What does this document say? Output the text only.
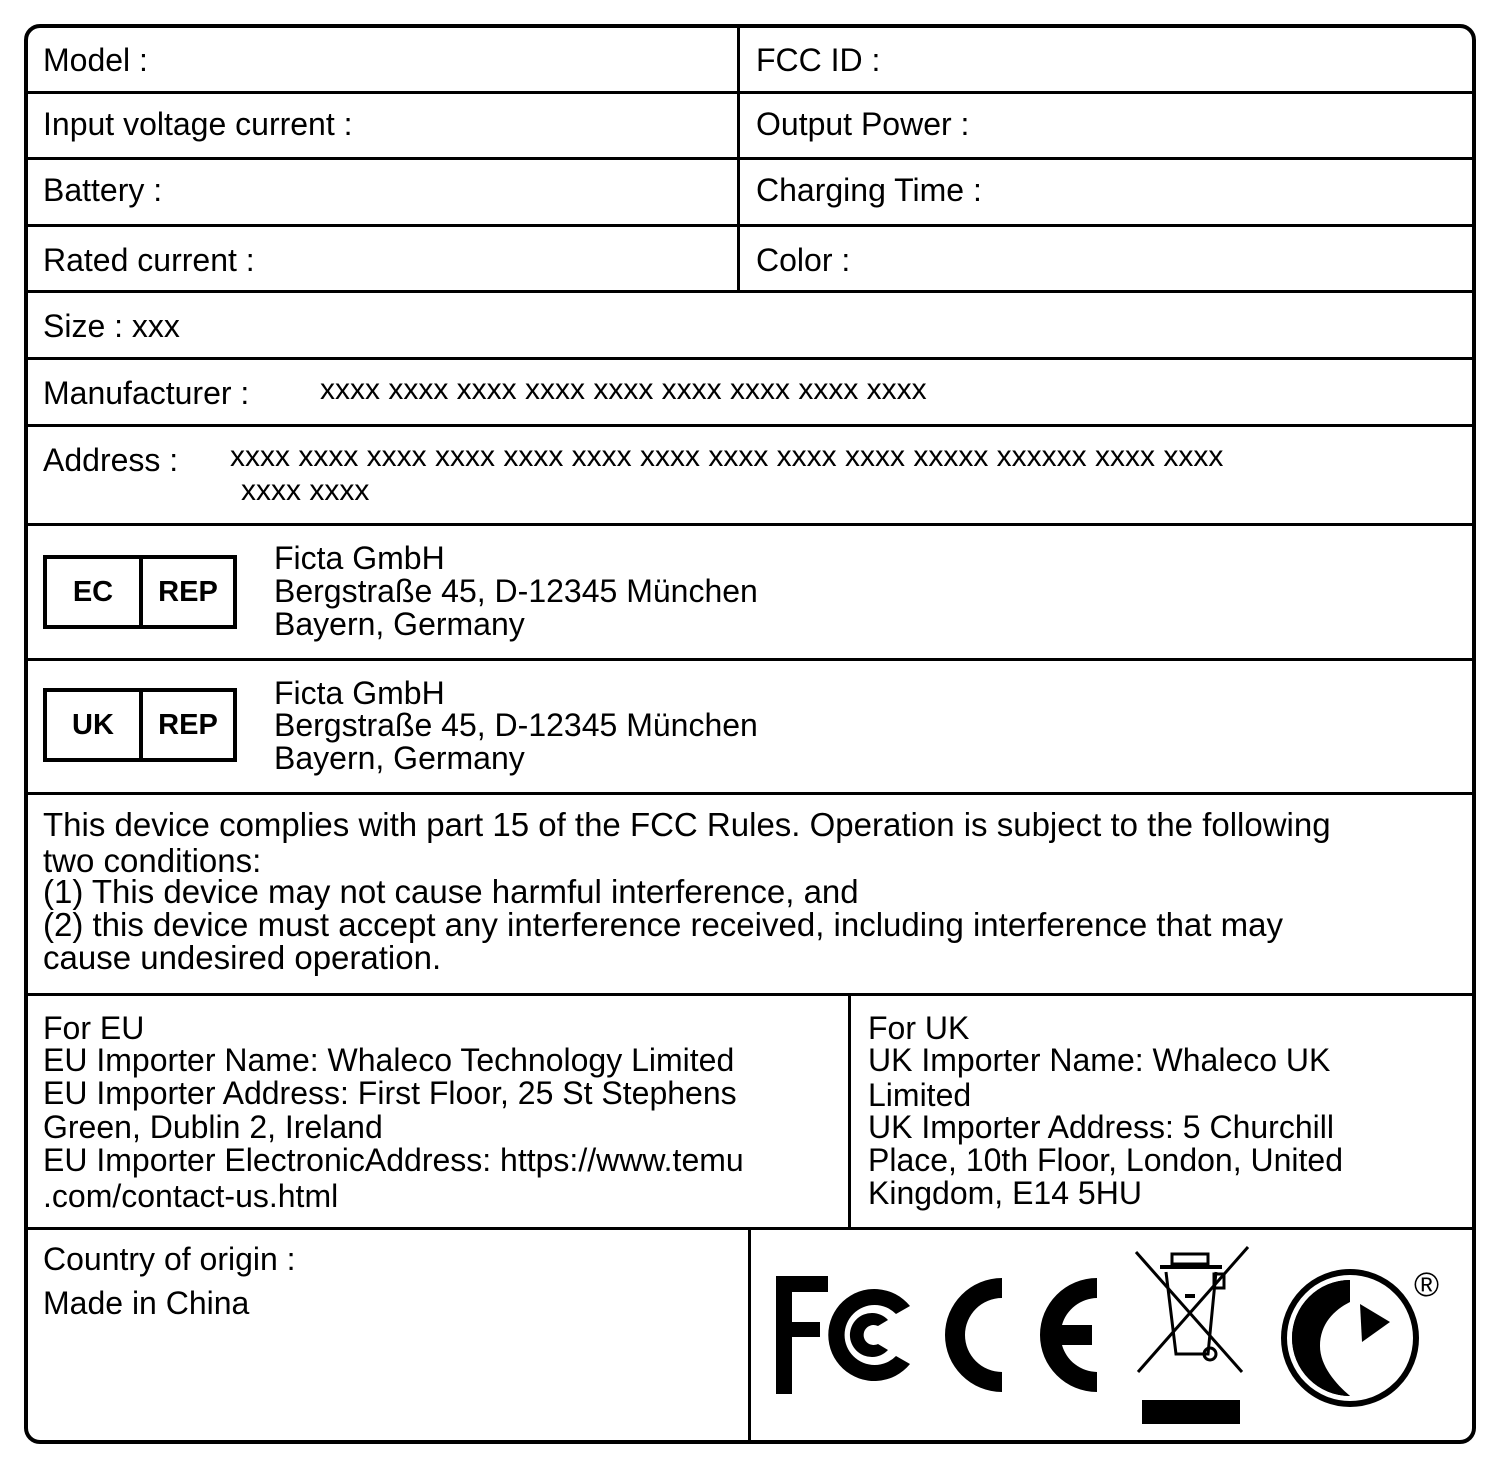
Model :	FCC ID :
Input voltage current :	Output Power :
Battery :	Charging Time :
Rated current :	Color :
Size : xxx
Manufacturer : xxxx xxxx xxxx xxxx xxxx xxxx xxxx xxxx xxxx
Address : xxxx xxxx xxxx xxxx xxxx xxxx xxxx xxxx xxxx xxxx xxxxx xxxxxx xxxx xxxx
xxxx xxxx
EC	REP
Ficta GmbH
Bergstraße 45, D-12345 München
Bayern, Germany
UK	REP
Ficta GmbH
Bergstraße 45, D-12345 München
Bayern, Germany
This device complies with part 15 of the FCC Rules. Operation is subject to the following
two conditions:
(1) This device may not cause harmful interference, and
(2) this device must accept any interference received, including interference that may
cause undesired operation.
For EU
EU Importer Name: Whaleco Technology Limited
EU Importer Address: First Floor, 25 St Stephens
Green, Dublin 2, Ireland
EU Importer ElectronicAddress: https://www.temu
.com/contact-us.html
For UK
UK Importer Name: Whaleco UK
Limited
UK Importer Address: 5 Churchill
Place, 10th Floor, London, United
Kingdom, E14 5HU
Country of origin :
Made in China	®
